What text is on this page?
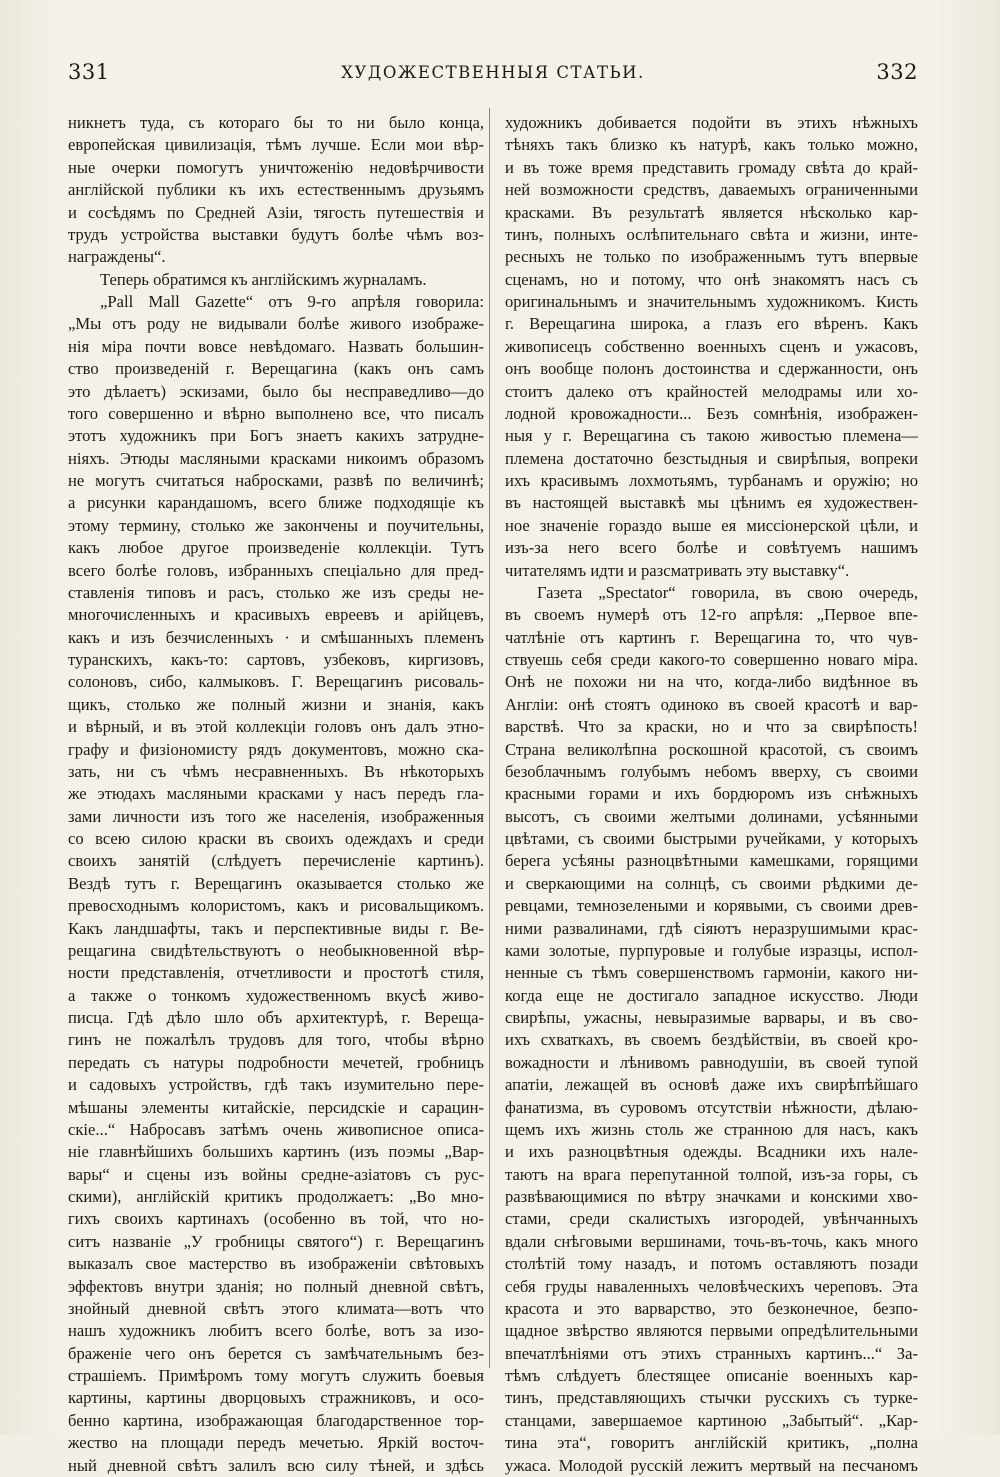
331	ХУДОЖЕСТВЕННЫЯ СТАТЬИ.	332
никнетъ туда, съ котораго бы то ни было конца,
европейская цивилизація, тѣмъ лучше. Если мои вѣр-
ные очерки помогутъ уничтоженію недовѣрчивости
англійской публики къ ихъ естественнымъ друзьямъ
и сосѣдямъ по Средней Азіи, тягость путешествія и
трудъ устройства выставки будутъ болѣе чѣмъ воз-
награждены“.
Теперь обратимся къ англійскимъ журналамъ.
„Pall Mall Gazette“ отъ 9-го апрѣля говорила:
„Мы отъ роду не видывали болѣе живого изображе-
нія міра почти вовсе невѣдомаго. Назвать большин-
ство произведеній г. Верещагина (какъ онъ самъ
это дѣлаетъ) эскизами, было бы несправедливо—до
того совершенно и вѣрно выполнено все, что писалъ
этотъ художникъ при Богъ знаетъ какихъ затрудне-
ніяхъ. Этюды масляными красками никоимъ образомъ
не могутъ считаться набросками, развѣ по величинѣ;
а рисунки карандашомъ, всего ближе подходящіе къ
этому термину, столько же закончены и поучительны,
какъ любое другое произведеніе коллекціи. Тутъ
всего болѣе головъ, избранныхъ спеціально для пред-
ставленія типовъ и расъ, столько же изъ среды не-
многочисленныхъ и красивыхъ евреевъ и арійцевъ,
какъ и изъ безчисленныхъ · и смѣшанныхъ племенъ
туранскихъ, какъ-то: сартовъ, узбековъ, киргизовъ,
солоновъ, сибо, калмыковъ. Г. Верещагинъ рисоваль-
щикъ, столько же полный жизни и знанія, какъ
и вѣрный, и въ этой коллекціи головъ онъ далъ этно-
графу и физіономисту рядъ документовъ, можно ска-
зать, ни съ чѣмъ несравненныхъ. Въ нѣкоторыхъ
же этюдахъ масляными красками у насъ передъ гла-
зами личности изъ того же населенія, изображенныя
со всею силою краски въ своихъ одеждахъ и среди
своихъ занятій (слѣдуетъ перечисленіе картинъ).
Вездѣ тутъ г. Верещагинъ оказывается столько же
превосходнымъ колористомъ, какъ и рисовальщикомъ.
Какъ ландшафты, такъ и перспективные виды г. Ве-
рещагина свидѣтельствуютъ о необыкновенной вѣр-
ности представленія, отчетливости и простотѣ стиля,
а также о тонкомъ художественномъ вкусѣ живо-
писца. Гдѣ дѣло шло объ архитектурѣ, г. Вереща-
гинъ не пожалѣлъ трудовъ для того, чтобы вѣрно
передать съ натуры подробности мечетей, гробницъ
и садовыхъ устройствъ, гдѣ такъ изумительно пере-
мѣшаны элементы китайскіе, персидскіе и сарацин-
скіе...“ Набросавъ затѣмъ очень живописное описа-
ніе главнѣйшихъ большихъ картинъ (изъ поэмы „Вар-
вары“ и сцены изъ войны средне-азіатовъ съ рус-
скими), англійскій критикъ продолжаетъ: „Во мно-
гихъ своихъ картинахъ (особенно въ той, что но-
ситъ названіе „У гробницы святого“) г. Верещагинъ
выказалъ свое мастерство въ изображеніи свѣтовыхъ
эффектовъ внутри зданія; но полный дневной свѣтъ,
знойный дневной свѣтъ этого климата—вотъ что
нашъ художникъ любитъ всего болѣе, вотъ за изо-
браженіе чего онъ берется съ замѣчательнымъ без-
страшіемъ. Примѣромъ тому могутъ служить боевыя
картины, картины дворцовыхъ стражниковъ, и осо-
бенно картина, изображающая благодарственное тор-
жество на площади передъ мечетью. Яркій восточ-
ный дневной свѣтъ залилъ всю силу тѣней, и здѣсь
художникъ добивается подойти въ этихъ нѣжныхъ
тѣняхъ такъ близко къ натурѣ, какъ только можно,
и въ тоже время представить громаду свѣта до край-
ней возможности средствъ, даваемыхъ ограниченными
красками. Въ результатѣ является нѣсколько кар-
тинъ, полныхъ ослѣпительнаго свѣта и жизни, инте-
ресныхъ не только по изображеннымъ тутъ впервые
сценамъ, но и потому, что онѣ знакомятъ насъ съ
оригинальнымъ и значительнымъ художникомъ. Кисть
г. Верещагина широка, а глазъ его вѣренъ. Какъ
живописецъ собственно военныхъ сценъ и ужасовъ,
онъ вообще полонъ достоинства и сдержанности, онъ
стоитъ далеко отъ крайностей мелодрамы или хо-
лодной кровожадности... Безъ сомнѣнія, изображен-
ныя у г. Верещагина съ такою живостью племена—
племена достаточно безстыдныя и свирѣпыя, вопреки
ихъ красивымъ лохмотьямъ, турбанамъ и оружію; но
въ настоящей выставкѣ мы цѣнимъ ея художествен-
ное значеніе гораздо выше ея миссіонерской цѣли, и
изъ-за него всего болѣе и совѣтуемъ нашимъ
читателямъ идти и разсматривать эту выставку“.
Газета „Spectator“ говорила, въ свою очередь,
въ своемъ нумерѣ отъ 12-го апрѣля: „Первое впе-
чатлѣніе отъ картинъ г. Верещагина то, что чув-
ствуешь себя среди какого-то совершенно новаго міра.
Онѣ не похожи ни на что, когда-либо видѣнное въ
Англіи: онѣ стоятъ одиноко въ своей красотѣ и вар-
варствѣ. Что за краски, но и что за свирѣпость!
Страна великолѣпна роскошной красотой, съ своимъ
безоблачнымъ голубымъ небомъ вверху, съ своими
красными горами и ихъ бордюромъ изъ снѣжныхъ
высотъ, съ своими желтыми долинами, усѣянными
цвѣтами, съ своими быстрыми ручейками, у которыхъ
берега усѣяны разноцвѣтными камешками, горящими
и сверкающими на солнцѣ, съ своими рѣдкими де-
ревцами, темнозелеными и корявыми, съ своими древ-
ними развалинами, гдѣ сіяютъ неразрушимыми крас-
ками золотые, пурпуровые и голубые изразцы, испол-
ненные съ тѣмъ совершенствомъ гармоніи, какого ни-
когда еще не достигало западное искусство. Люди
свирѣпы, ужасны, невыразимые варвары, и въ сво-
ихъ схваткахъ, въ своемъ бездѣйствіи, въ своей кро-
вожадности и лѣнивомъ равнодушіи, въ своей тупой
апатіи, лежащей въ основѣ даже ихъ свирѣпѣйшаго
фанатизма, въ суровомъ отсутствіи нѣжности, дѣлаю-
щемъ ихъ жизнь столь же странною для насъ, какъ
и ихъ разноцвѣтныя одежды. Всадники ихъ нале-
таютъ на врага перепутанной толпой, изъ-за горы, съ
развѣвающимися по вѣтру значками и конскими хво-
стами, среди скалистыхъ изгородей, увѣнчанныхъ
вдали снѣговыми вершинами, точь-въ-точь, какъ много
столѣтій тому назадъ, и потомъ оставляютъ позади
себя груды наваленныхъ человѣческихъ череповъ. Эта
красота и это варварство, это безконечное, безпо-
щадное звѣрство являются первыми опредѣлительными
впечатлѣніями отъ этихъ странныхъ картинъ...“ За-
тѣмъ слѣдуетъ блестящее описаніе военныхъ кар-
тинъ, представляющихъ стычки русскихъ съ турке-
станцами, завершаемое картиною „Забытый“. „Кар-
тина эта“, говоритъ англійскій критикъ, „полна
ужаса. Молодой русскій лежитъ мертвый на песчаномъ
